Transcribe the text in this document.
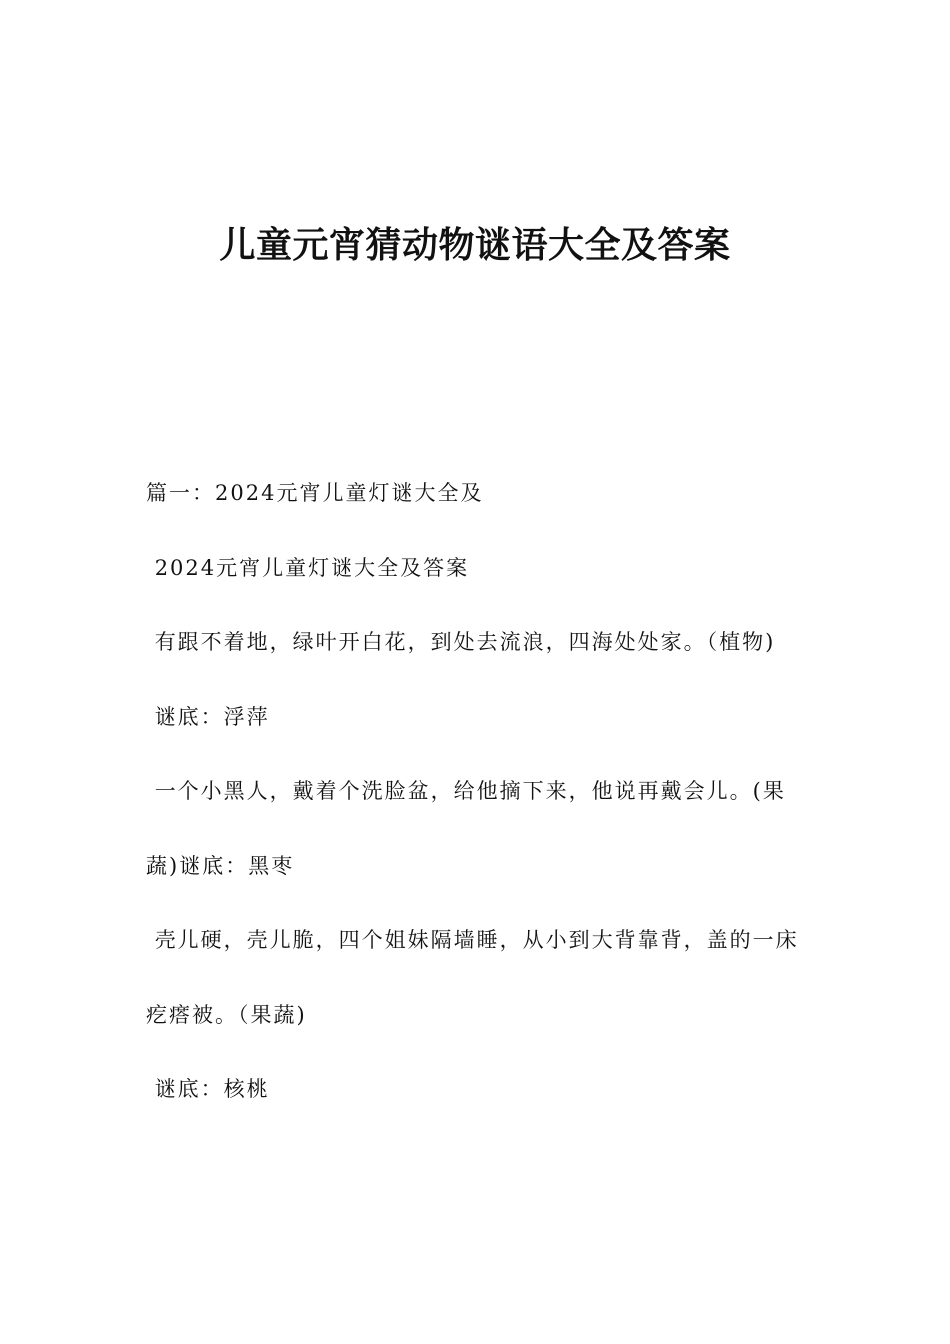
儿童元宵猜动物谜语大全及答案

篇一：2024元宵儿童灯谜大全及

2024元宵儿童灯谜大全及答案

有跟不着地，绿叶开白花，到处去流浪，四海处处家。（植物)

谜底：浮萍

一个小黑人，戴着个洗脸盆，给他摘下来，他说再戴会儿。(果蔬)谜底：黑枣

壳儿硬，壳儿脆，四个姐妹隔墙睡，从小到大背靠背，盖的一床疙瘩被。（果蔬)

谜底：核桃
